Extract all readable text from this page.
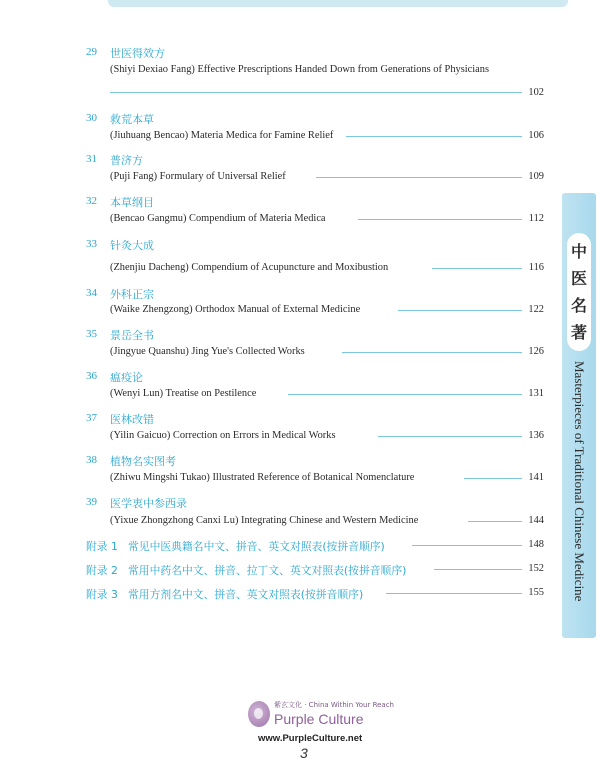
29 世医得效方
(Shiyi Dexiao Fang) Effective Prescriptions Handed Down from Generations of Physicians
102
30 救荒本草
(Jiuhuang Bencao) Materia Medica for Famine Relief	106
31 普济方
(Puji Fang) Formulary of Universal Relief	109
32 本草纲目
(Bencao Gangmu) Compendium of Materia Medica	112
33 针灸大成
(Zhenjiu Dacheng) Compendium of Acupuncture and Moxibustion	116
34 外科正宗
(Waike Zhengzong) Orthodox Manual of External Medicine	122
35 景岳全书
(Jingyue Quanshu) Jing Yue's Collected Works	126
36 瘟疫论
(Wenyi Lun) Treatise on Pestilence	131
37 医林改错
(Yilin Gaicuo) Correction on Errors in Medical Works	136
38 植物名实图考
(Zhiwu Mingshi Tukao) Illustrated Reference of Botanical Nomenclature	141
39 医学衷中参西录
(Yixue Zhongzhong Canxi Lu) Integrating Chinese and Western Medicine	144
附录 1 常见中医典籍名中文、拼音、英文对照表(按拼音顺序)	148
附录 2 常用中药名中文、拼音、拉丁文、英文对照表(按拼音顺序)	152
附录 3 常用方剂名中文、拼音、英文对照表(按拼音顺序)	155
中
医
名
著
Masterpieces of Traditional Chinese Medicine
紫玄文化 · China Within Your Reach
Purple Culture
www.PurpleCulture.net
3
